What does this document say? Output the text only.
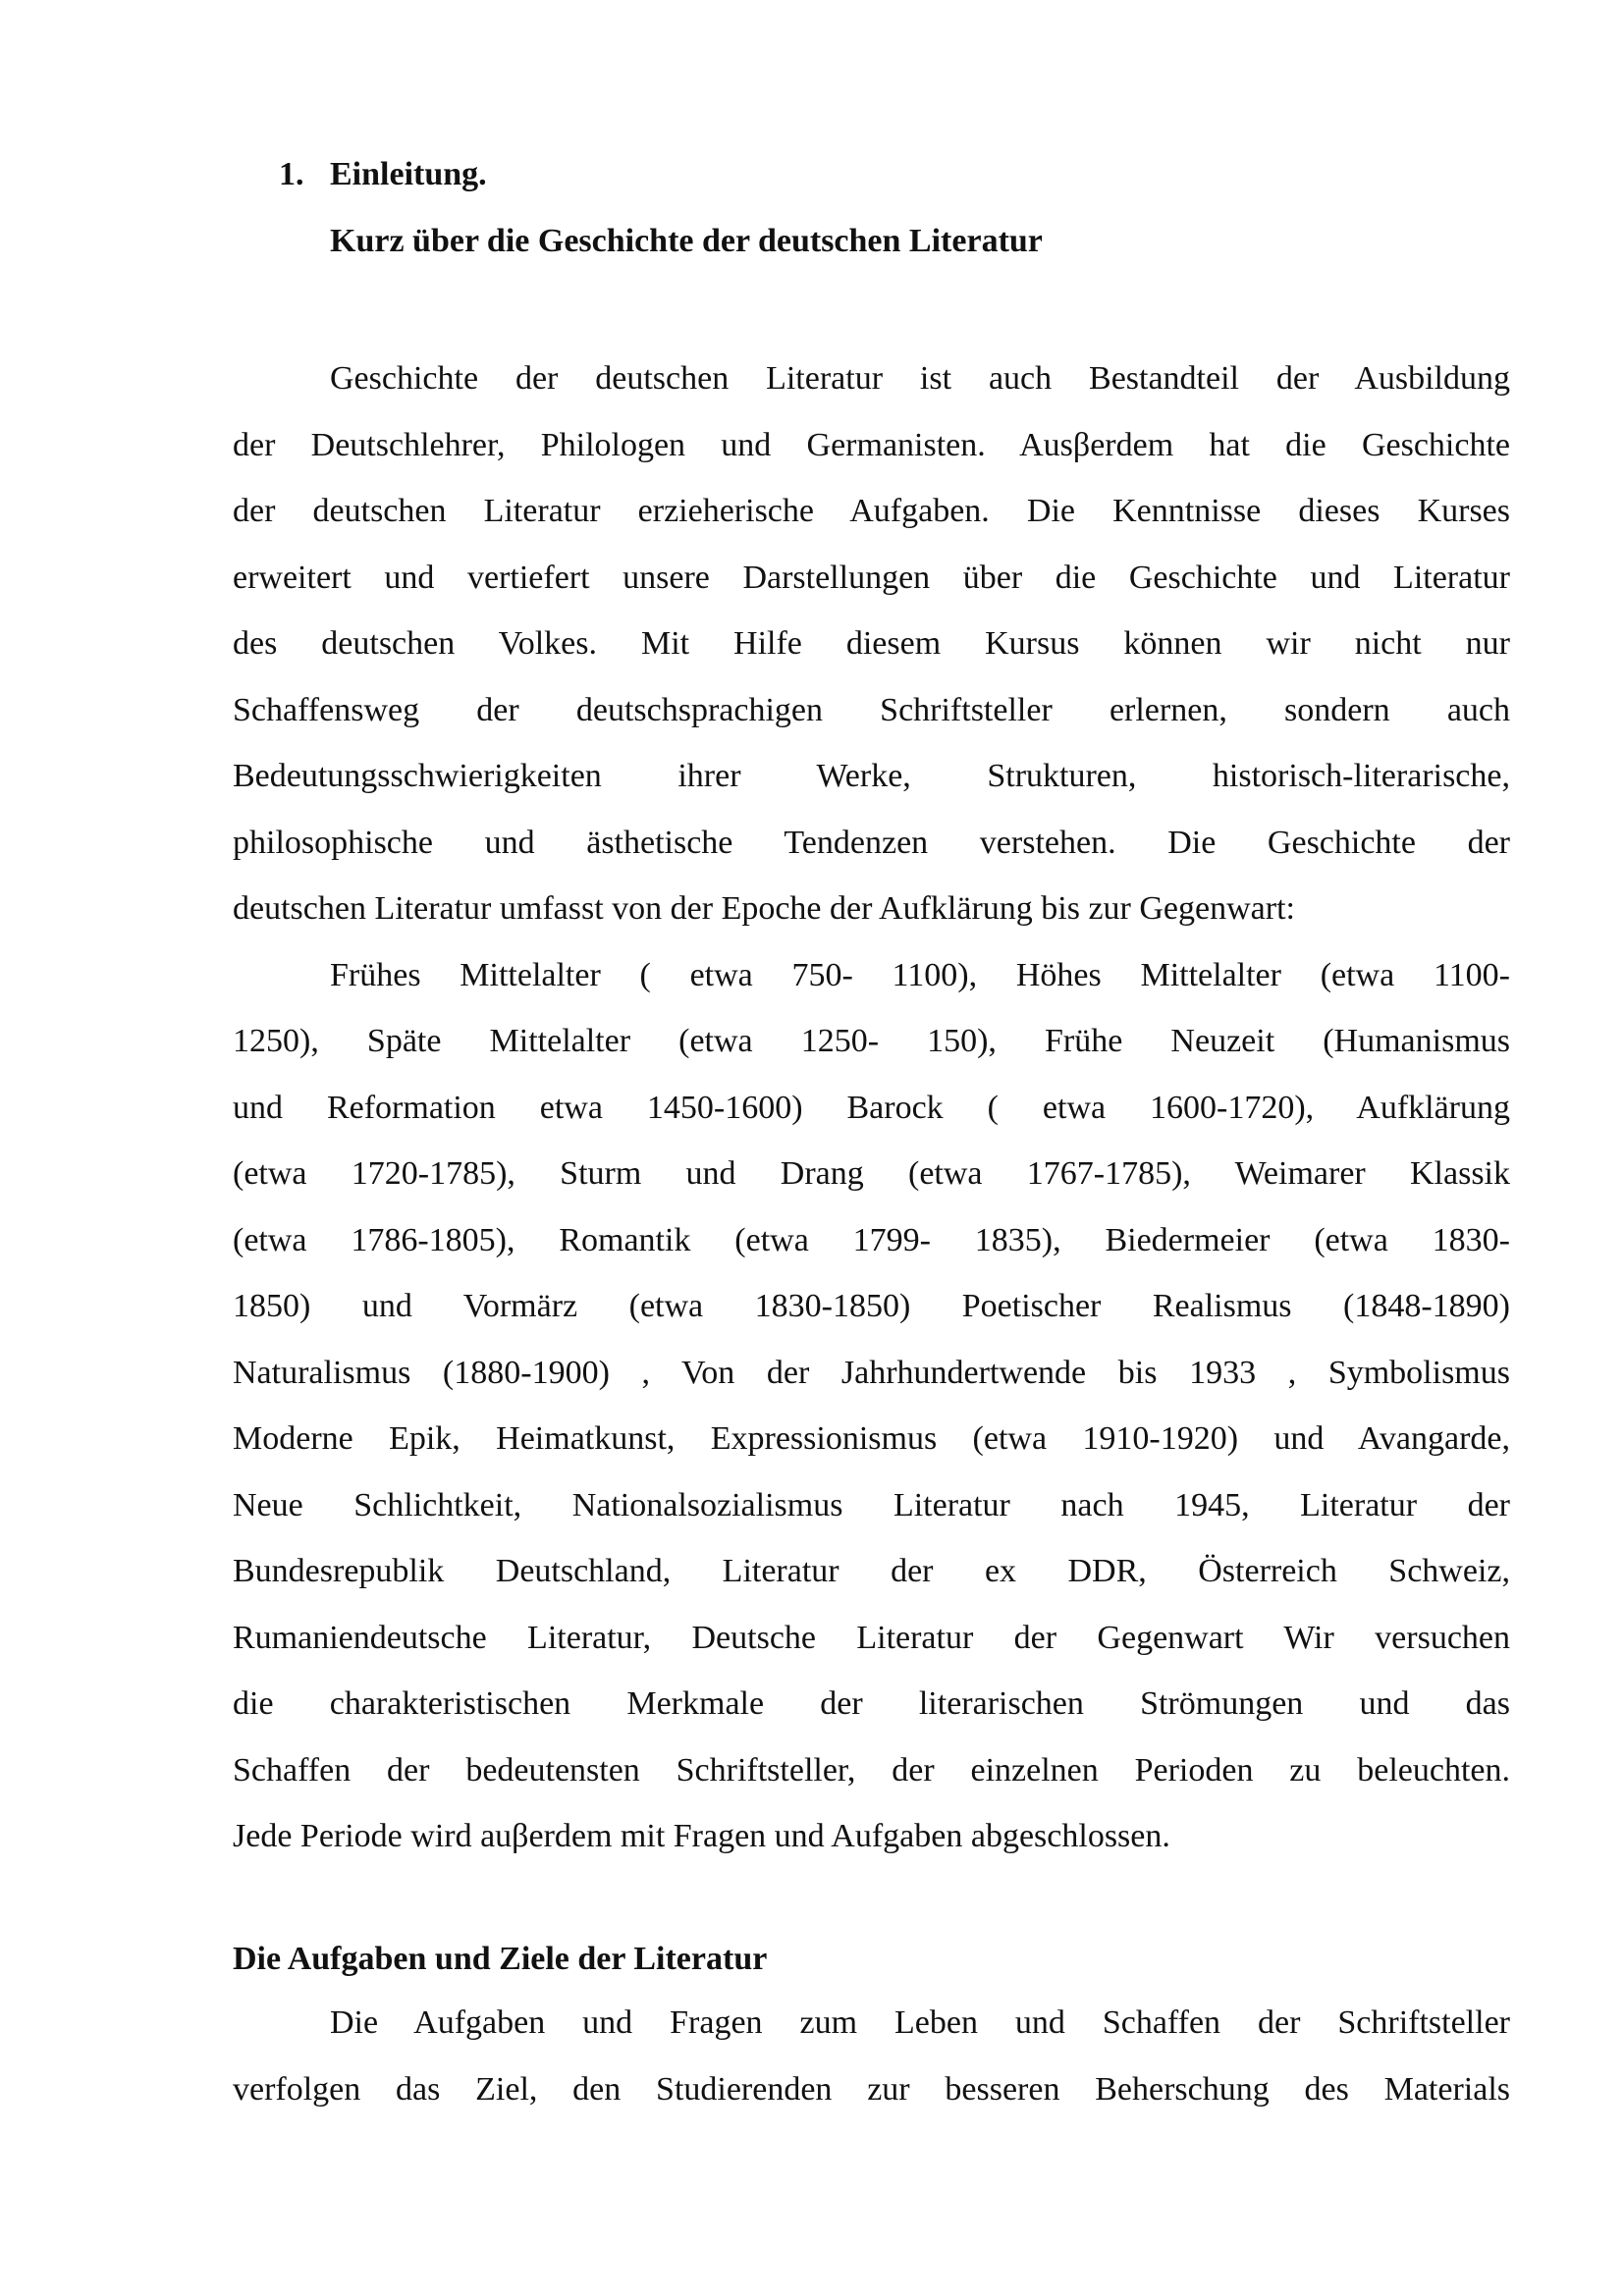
1. Einleitung.
Kurz über die Geschichte der deutschen Literatur
Geschichte der deutschen Literatur ist auch Bestandteil der Ausbildung
der Deutschlehrer, Philologen und Germanisten. Ausβerdem hat die Geschichte
der deutschen Literatur erzieherische Aufgaben. Die Kenntnisse dieses Kurses
erweitert und vertiefert unsere Darstellungen über die Geschichte und Literatur
des deutschen Volkes. Mit Hilfe diesem Kursus können wir nicht nur
Schaffensweg der deutschsprachigen Schriftsteller erlernen, sondern auch
Bedeutungsschwierigkeiten ihrer Werke, Strukturen, historisch-literarische,
philosophische und ästhetische Tendenzen verstehen. Die Geschichte der
deutschen Literatur umfasst von der Epoche der Aufklärung bis zur Gegenwart:
Frühes Mittelalter ( etwa 750- 1100), Höhes Mittelalter (etwa 1100-
1250), Späte Mittelalter (etwa 1250- 150), Frühe Neuzeit (Humanismus
und Reformation etwa 1450-1600) Barock ( etwa 1600-1720), Aufklärung
(etwa 1720-1785), Sturm und Drang (etwa 1767-1785), Weimarer Klassik
(etwa 1786-1805), Romantik (etwa 1799- 1835), Biedermeier (etwa 1830-
1850) und Vormärz (etwa 1830-1850) Poetischer Realismus (1848-1890)
Naturalismus (1880-1900) , Von der Jahrhundertwende bis 1933 , Symbolismus
Moderne Epik, Heimatkunst, Expressionismus (etwa 1910-1920) und Avangarde,
Neue Schlichtkeit, Nationalsozialismus Literatur nach 1945, Literatur der
Bundesrepublik Deutschland, Literatur der ex DDR, Österreich Schweiz,
Rumaniendeutsche Literatur, Deutsche Literatur der Gegenwart Wir versuchen
die charakteristischen Merkmale der literarischen Strömungen und das
Schaffen der bedeutensten Schriftsteller, der einzelnen Perioden zu beleuchten.
Jede Periode wird auβerdem mit Fragen und Aufgaben abgeschlossen.
Die Aufgaben und Ziele der Literatur
Die Aufgaben und Fragen zum Leben und Schaffen der Schriftsteller
verfolgen das Ziel, den Studierenden zur besseren Beherschung des Materials
